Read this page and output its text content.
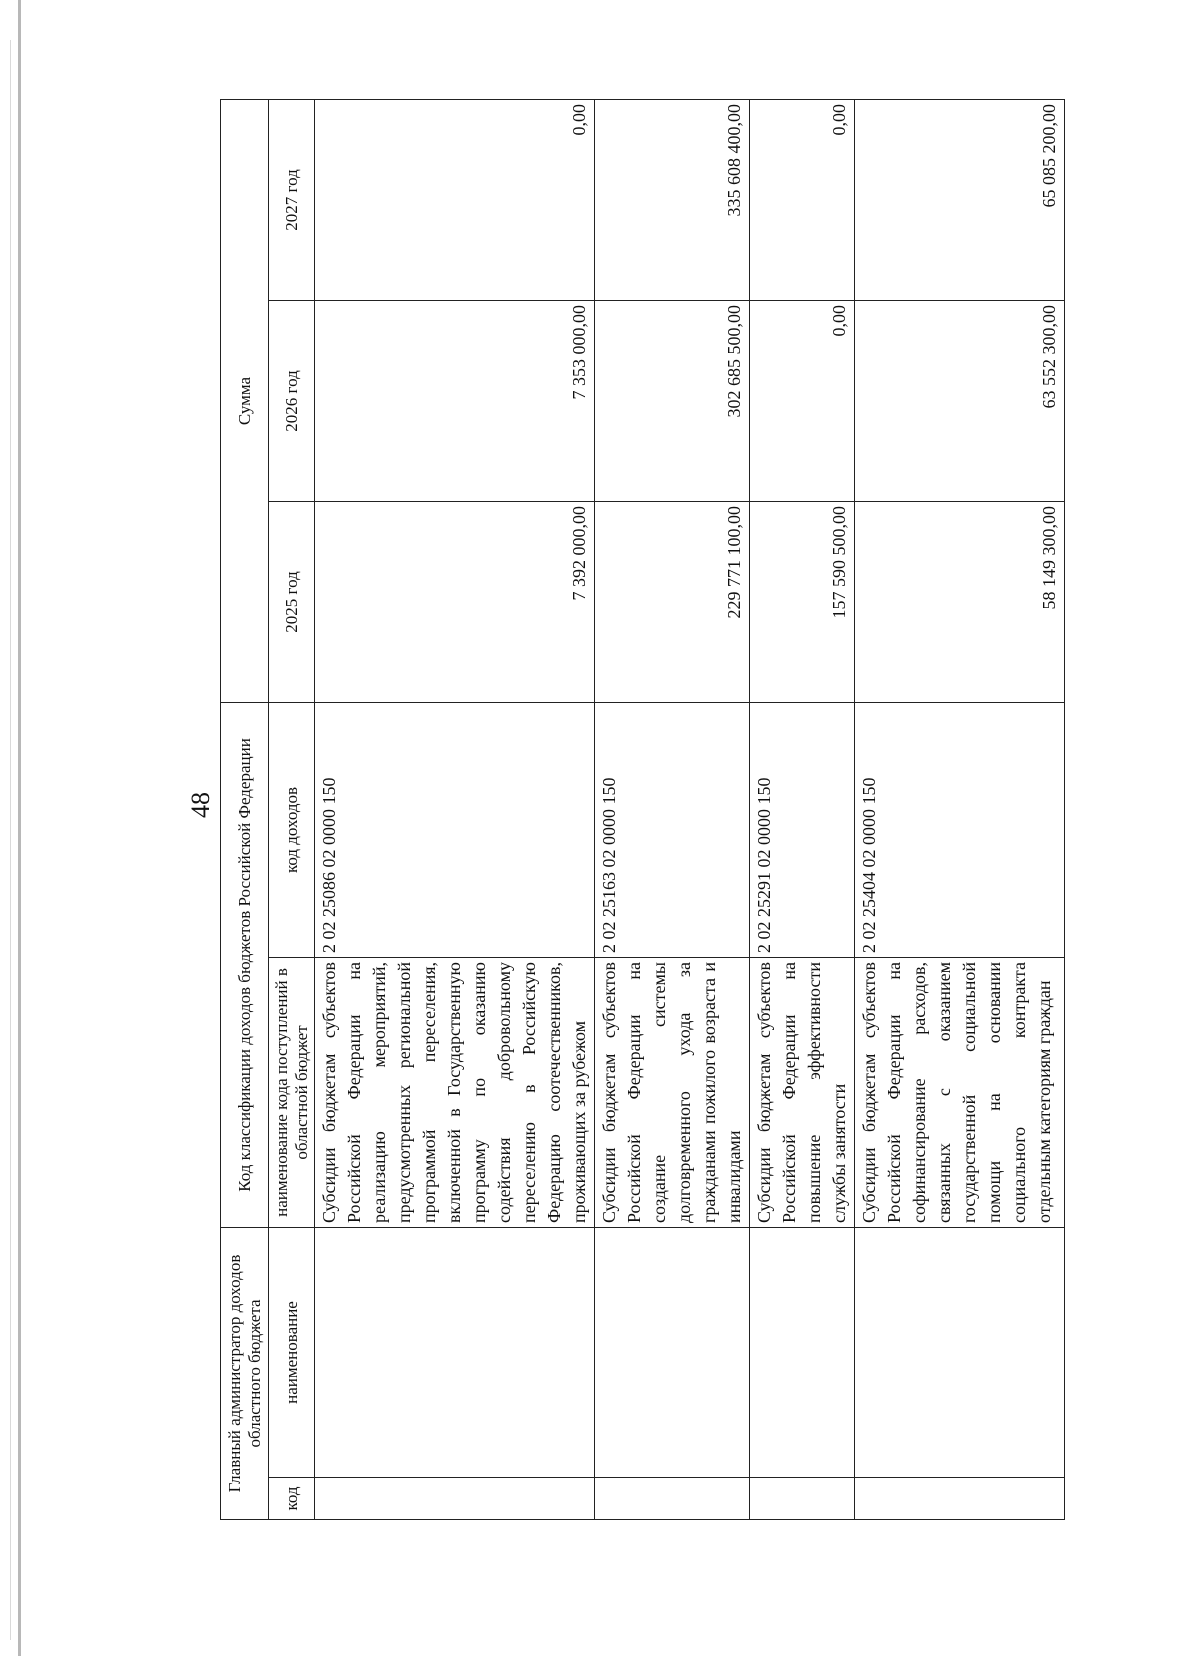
48
Главный администратор доходов областного бюджета		Код классификации доходов бюджетов Российской Федерации		Сумма		
код	наименование	наименование кода поступлений в областной бюджет	код доходов	2025 год	2026 год	2027 год
		Субсидии бюджетам субъектов Российской Федерации на реализацию мероприятий, предусмотренных региональной программой переселения, включенной в Государственную программу по оказанию содействия добровольному переселению в Российскую Федерацию соотечественников, проживающих за рубежом	2 02 25086 02 0000 150	7 392 000,00	7 353 000,00	0,00
		Субсидии бюджетам субъектов Российской Федерации на создание системы долговременного ухода за гражданами пожилого возраста и инвалидами	2 02 25163 02 0000 150	229 771 100,00	302 685 500,00	335 608 400,00
		Субсидии бюджетам субъектов Российской Федерации на повышение эффективности службы занятости	2 02 25291 02 0000 150	157 590 500,00	0,00	0,00
		Субсидии бюджетам субъектов Российской Федерации на софинансирование расходов, связанных с оказанием государственной социальной помощи на основании социального контракта отдельным категориям граждан	2 02 25404 02 0000 150	58 149 300,00	63 552 300,00	65 085 200,00
